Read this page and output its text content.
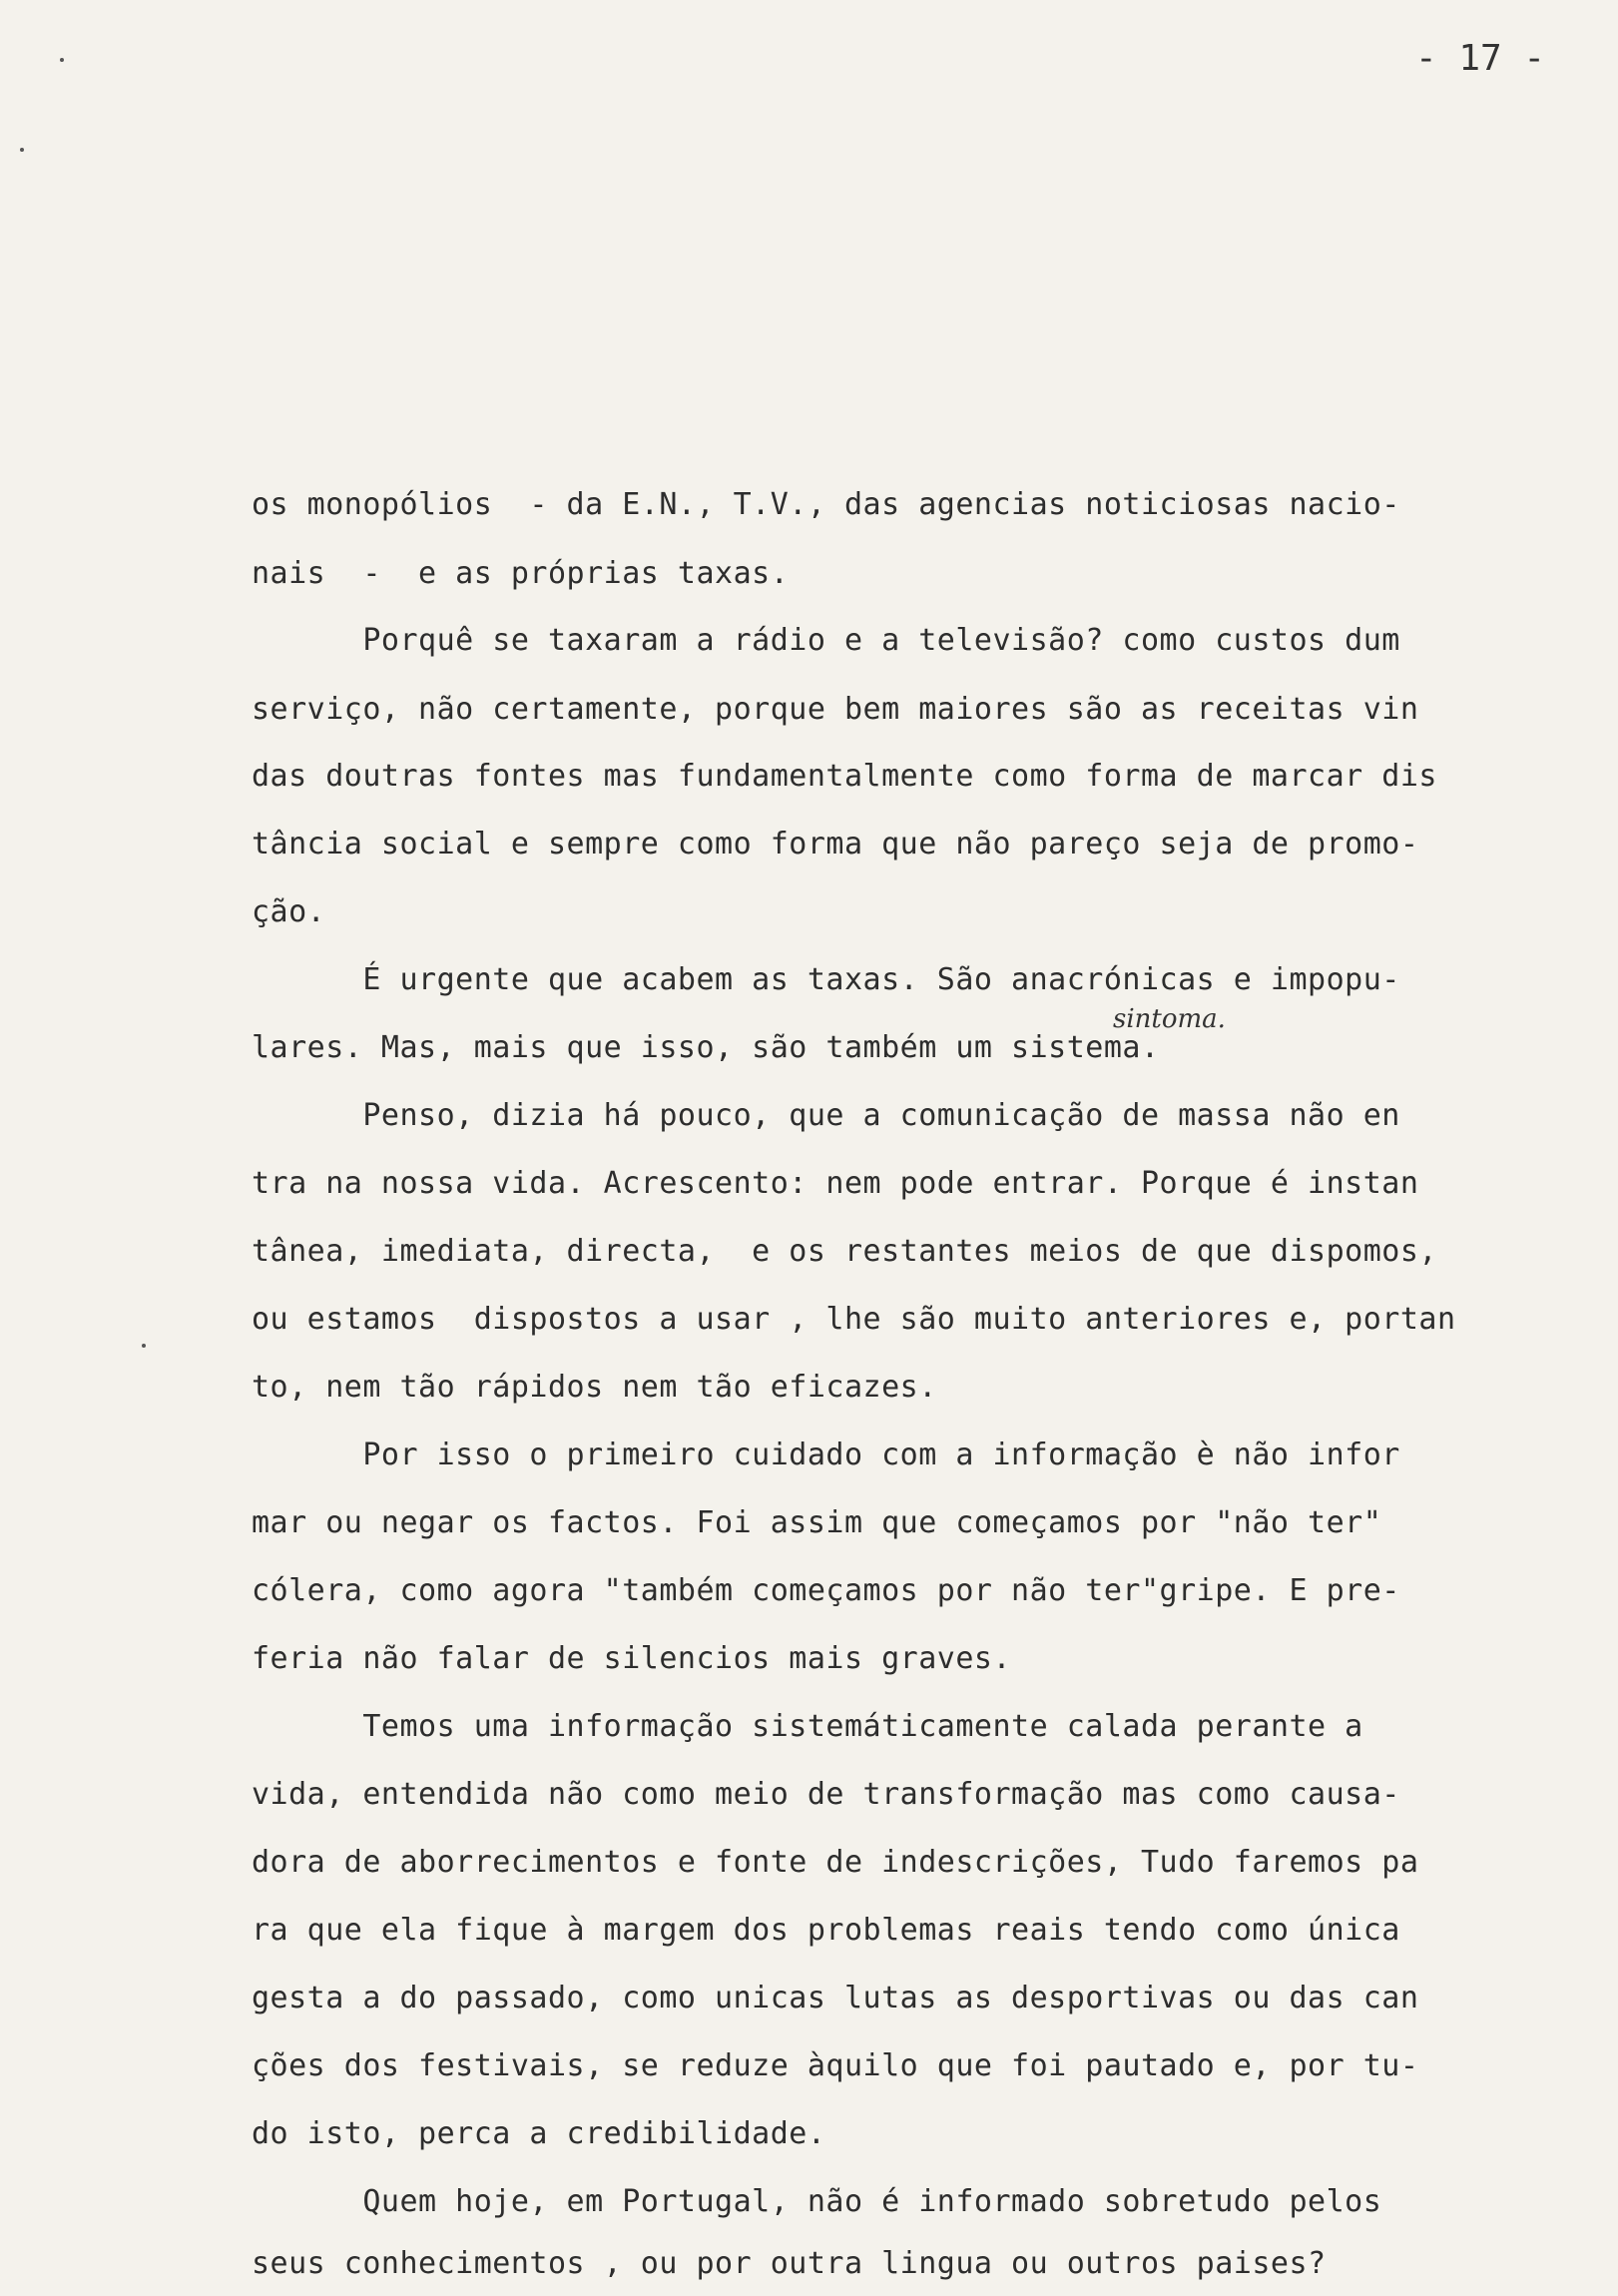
- 17 -
os monopólios  - da E.N., T.V., das agencias noticiosas nacio-
nais  -  e as próprias taxas.
Porquê se taxaram a rádio e a televisão? como custos dum
serviço, não certamente, porque bem maiores são as receitas vin
das doutras fontes mas fundamentalmente como forma de marcar dis
tância social e sempre como forma que não pareço seja de promo-
ção.
É urgente que acabem as taxas. São anacrónicas e impopu-
lares. Mas, mais que isso, são também um sistema.
sintoma.
Penso, dizia há pouco, que a comunicação de massa não en
tra na nossa vida. Acrescento: nem pode entrar. Porque é instan
tânea, imediata, directa,  e os restantes meios de que dispomos,
ou estamos  dispostos a usar , lhe são muito anteriores e, portan
to, nem tão rápidos nem tão eficazes.
Por isso o primeiro cuidado com a informação è não infor
mar ou negar os factos. Foi assim que começamos por "não ter"
cólera, como agora "também começamos por não ter"gripe. E pre-
feria não falar de silencios mais graves.
Temos uma informação sistemáticamente calada perante a
vida, entendida não como meio de transformação mas como causa-
dora de aborrecimentos e fonte de indescrições, Tudo faremos pa
ra que ela fique à margem dos problemas reais tendo como única
gesta a do passado, como unicas lutas as desportivas ou das can
ções dos festivais, se reduze àquilo que foi pautado e, por tu-
do isto, perca a credibilidade.
Quem hoje, em Portugal, não é informado sobretudo pelos
seus conhecimentos , ou por outra lingua ou outros paises?
